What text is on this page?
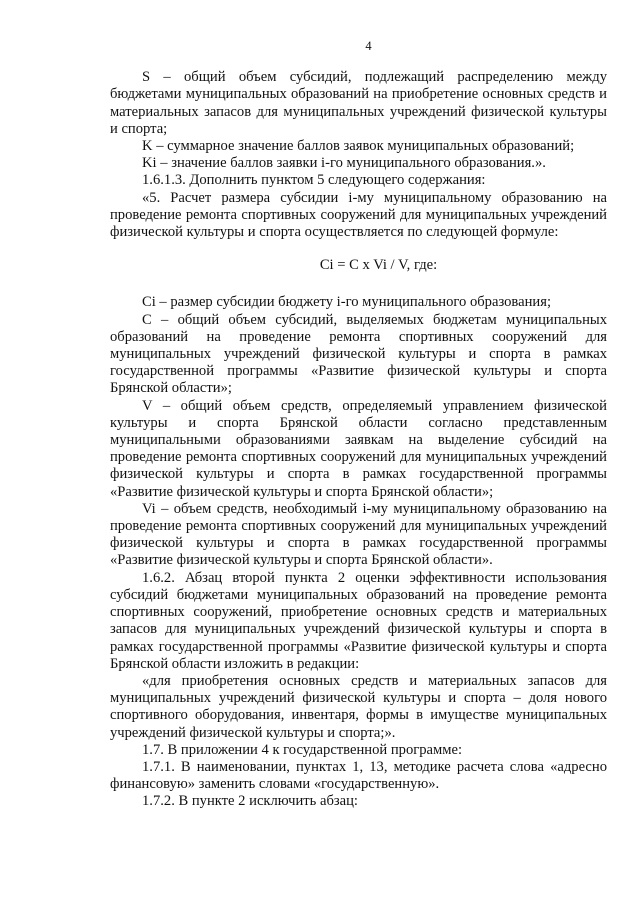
4

S – общий объем субсидий, подлежащий распределению между бюджетами муниципальных образований на приобретение основных средств и материальных запасов для муниципальных учреждений физической культуры и спорта;

K – суммарное значение баллов заявок муниципальных образований;

Ki – значение баллов заявки i-го муниципального образования.».

1.6.1.3. Дополнить пунктом 5 следующего содержания:

«5. Расчет размера субсидии i-му муниципальному образованию на проведение ремонта спортивных сооружений для муниципальных учреждений физической культуры и спорта осуществляется по следующей формуле:

Ci = C x Vi / V, где:

Ci – размер субсидии бюджету i-го муниципального образования;

C – общий объем субсидий, выделяемых бюджетам муниципальных образований на проведение ремонта спортивных сооружений для муниципальных учреждений физической культуры и спорта в рамках государственной программы «Развитие физической культуры и спорта Брянской области»;

V – общий объем средств, определяемый управлением физической культуры и спорта Брянской области согласно представленным муниципальными образованиями заявкам на выделение субсидий на проведение ремонта спортивных сооружений для муниципальных учреждений физической культуры и спорта в рамках государственной программы «Развитие физической культуры и спорта Брянской области»;

Vi – объем средств, необходимый i-му муниципальному образованию на проведение ремонта спортивных сооружений для муниципальных учреждений физической культуры и спорта в рамках государственной программы «Развитие физической культуры и спорта Брянской области».

1.6.2. Абзац второй пункта 2 оценки эффективности использования субсидий бюджетами муниципальных образований на проведение ремонта спортивных сооружений, приобретение основных средств и материальных запасов для муниципальных учреждений физической культуры и спорта в рамках государственной программы «Развитие физической культуры и спорта Брянской области изложить в редакции:

«для приобретения основных средств и материальных запасов для муниципальных учреждений физической культуры и спорта – доля нового спортивного оборудования, инвентаря, формы в имуществе муниципальных учреждений физической культуры и спорта;».

1.7. В приложении 4 к государственной программе:

1.7.1. В наименовании, пунктах 1, 13, методике расчета слова «адресно финансовую» заменить словами «государственную».

1.7.2. В пункте 2 исключить абзац:
